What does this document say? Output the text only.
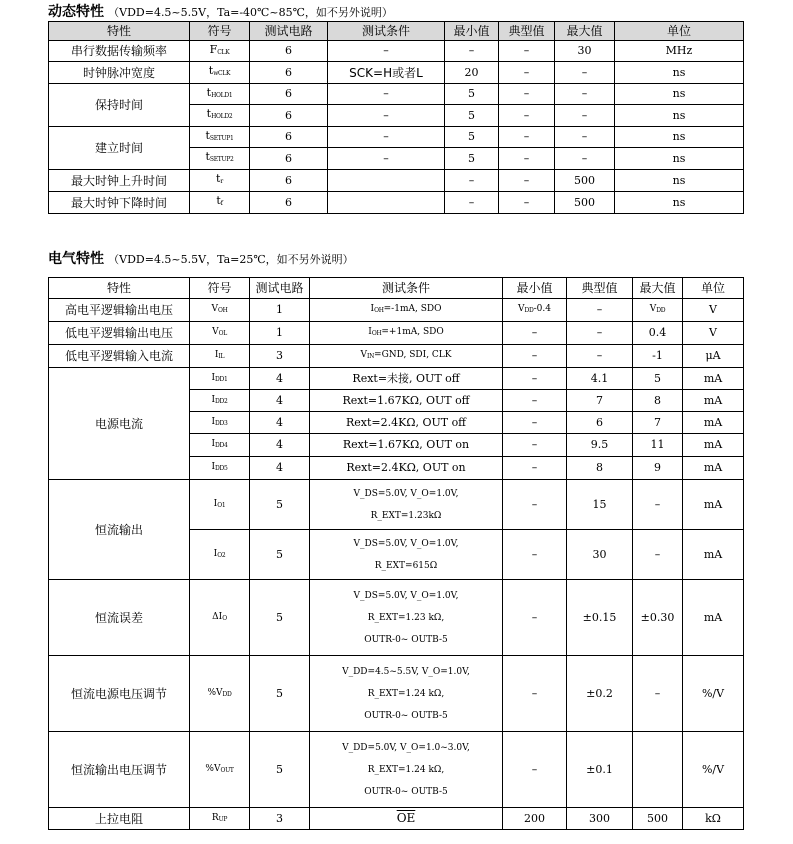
动态特性 （VDD=4.5~5.5V，Ta=-40℃~85℃，如不另外说明）
特性	符号	测试电路	测试条件	最小值	典型值	最大值	单位
串行数据传输频率	FCLK	6	–	–	–	30	MHz
时钟脉冲宽度	twCLK	6	SCK=H或者L	20	–	–	ns
保持时间	tHOLD1	6	–	5	–	–	ns
	tHOLD2	6	–	5	–	–	ns
建立时间	tSETUP1	6	–	5	–	–	ns
	tSETUP2	6	–	5	–	–	ns
最大时钟上升时间	tr	6		–	–	500	ns
最大时钟下降时间	tf	6		–	–	500	ns
电气特性 （VDD=4.5~5.5V，Ta=25℃，如不另外说明）
特性	符号	测试电路	测试条件	最小值	典型值	最大值	单位
高电平逻辑输出电压	VOH	1	IOH=-1mA, SDO	VDD-0.4	–	VDD	V
低电平逻辑输出电压	VOL	1	IOH=+1mA, SDO	–	–	0.4	V
低电平逻辑输入电流	IIL	3	VIN=GND, SDI, CLK	–	–	-1	μA
电源电流	IDD1	4	Rext=未接, OUT off	–	4.1	5	mA
	IDD2	4	Rext=1.67KΩ, OUT off	–	7	8	mA
	IDD3	4	Rext=2.4KΩ, OUT off	–	6	7	mA
	IDD4	4	Rext=1.67KΩ, OUT on	–	9.5	11	mA
	IDD5	4	Rext=2.4KΩ, OUT on	–	8	9	mA
恒流输出	IO1	5	V_DS=5.0V, V_O=1.0V,
R_EXT=1.23kΩ	–	15	–	mA
	IO2	5	V_DS=5.0V, V_O=1.0V,
R_EXT=615Ω	–	30	–	mA
恒流误差	ΔIO	5	V_DS=5.0V, V_O=1.0V,
R_EXT=1.23 kΩ,
OUTR-0~ OUTB-5	–	±0.15	±0.30	mA
恒流电源电压调节	%VDD	5	V_DD=4.5~5.5V, V_O=1.0V,
R_EXT=1.24 kΩ,
OUTR-0~ OUTB-5	–	±0.2	–	%/V
恒流输出电压调节	%VOUT	5	V_DD=5.0V, V_O=1.0~3.0V,
R_EXT=1.24 kΩ,
OUTR-0~ OUTB-5	–	±0.1		%/V
上拉电阻	RUP	3	$\overline{OE}$	200	300	500	kΩ
